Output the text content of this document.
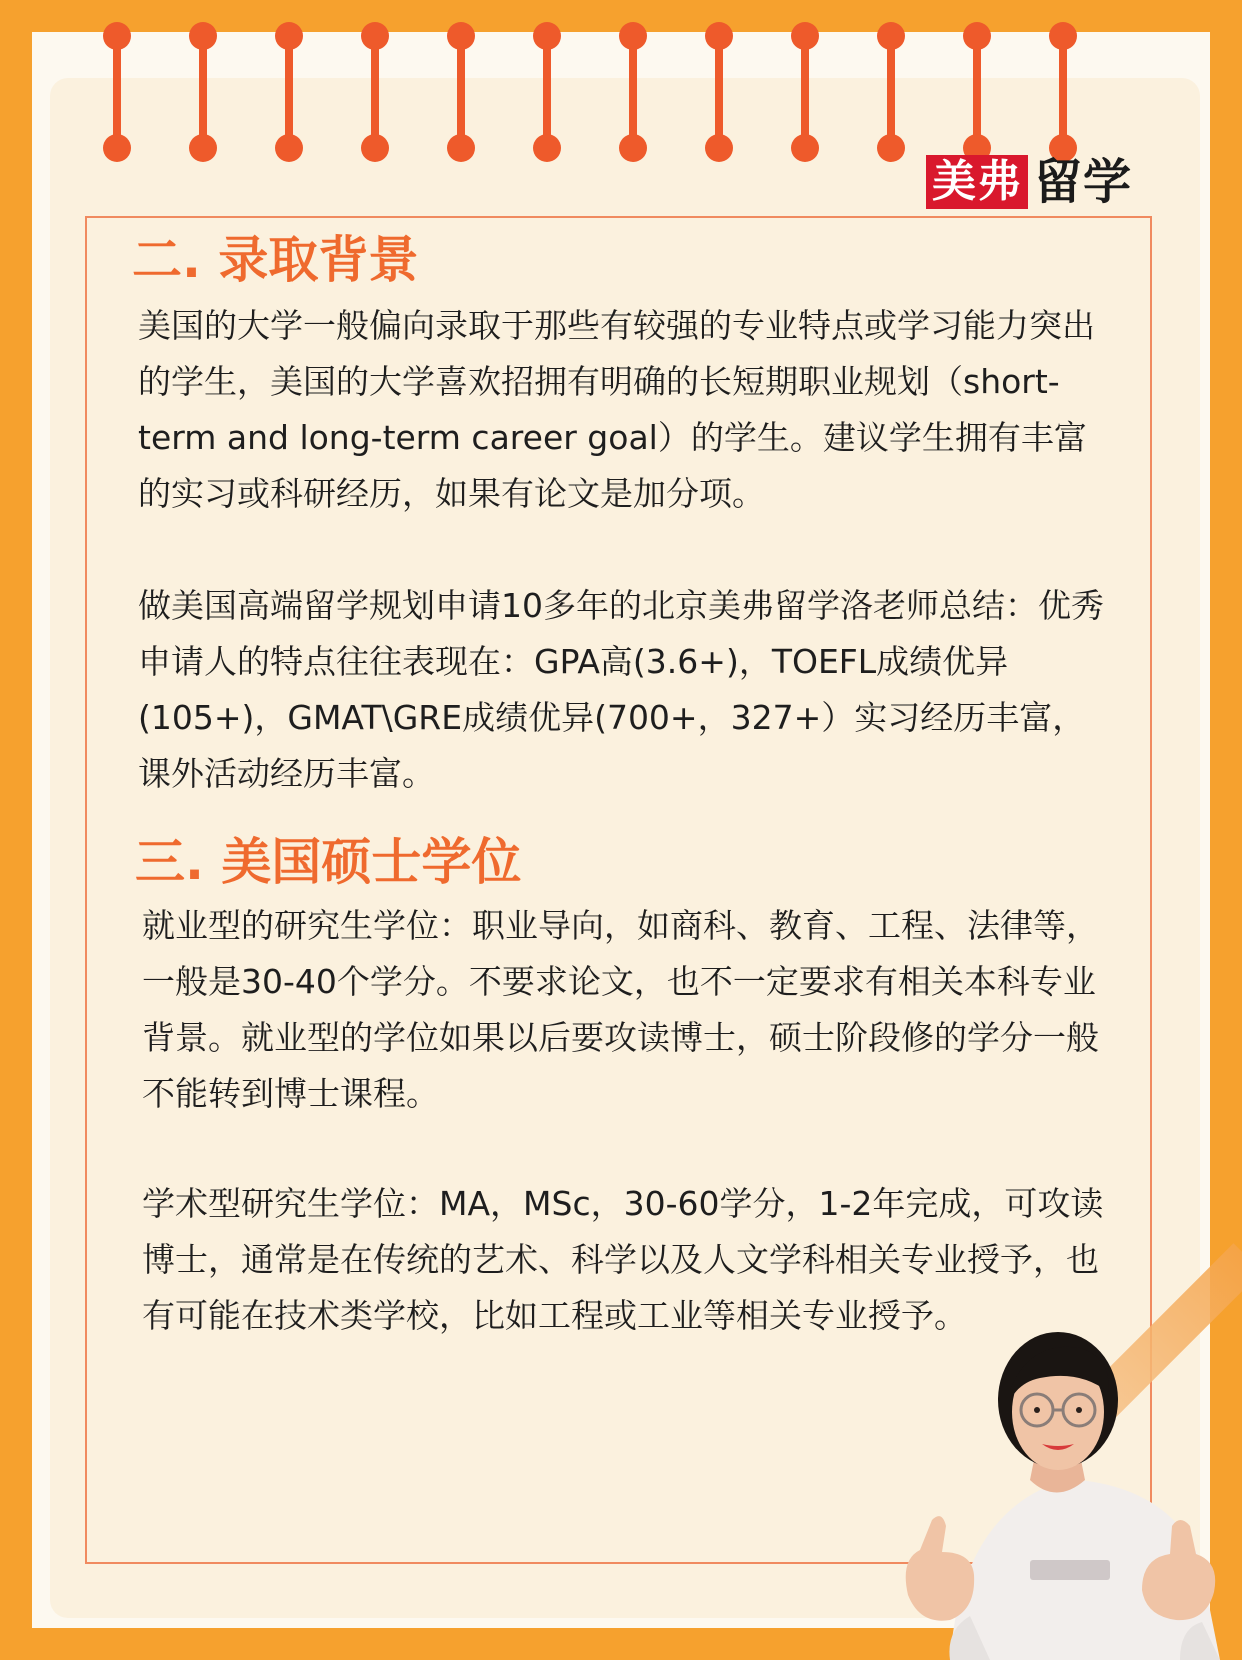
美弗 留学
二. 录取背景

美国的大学一般偏向录取于那些有较强的专业特点或学习能力突出的学生，美国的大学喜欢招拥有明确的长短期职业规划（short-term and long-term career goal）的学生。建议学生拥有丰富的实习或科研经历，如果有论文是加分项。

做美国高端留学规划申请10多年的北京美弗留学洛老师总结：优秀申请人的特点往往表现在：GPA高(3.6+)，TOEFL成绩优异(105+)，GMAT\GRE成绩优异(700+，327+）实习经历丰富，课外活动经历丰富。

三. 美国硕士学位

就业型的研究生学位：职业导向，如商科、教育、工程、法律等，一般是30-40个学分。不要求论文，也不一定要求有相关本科专业背景。就业型的学位如果以后要攻读博士，硕士阶段修的学分一般不能转到博士课程。

学术型研究生学位：MA，MSc，30-60学分，1-2年完成，可攻读博士，通常是在传统的艺术、科学以及人文学科相关专业授予，也有可能在技术类学校，比如工程或工业等相关专业授予。
